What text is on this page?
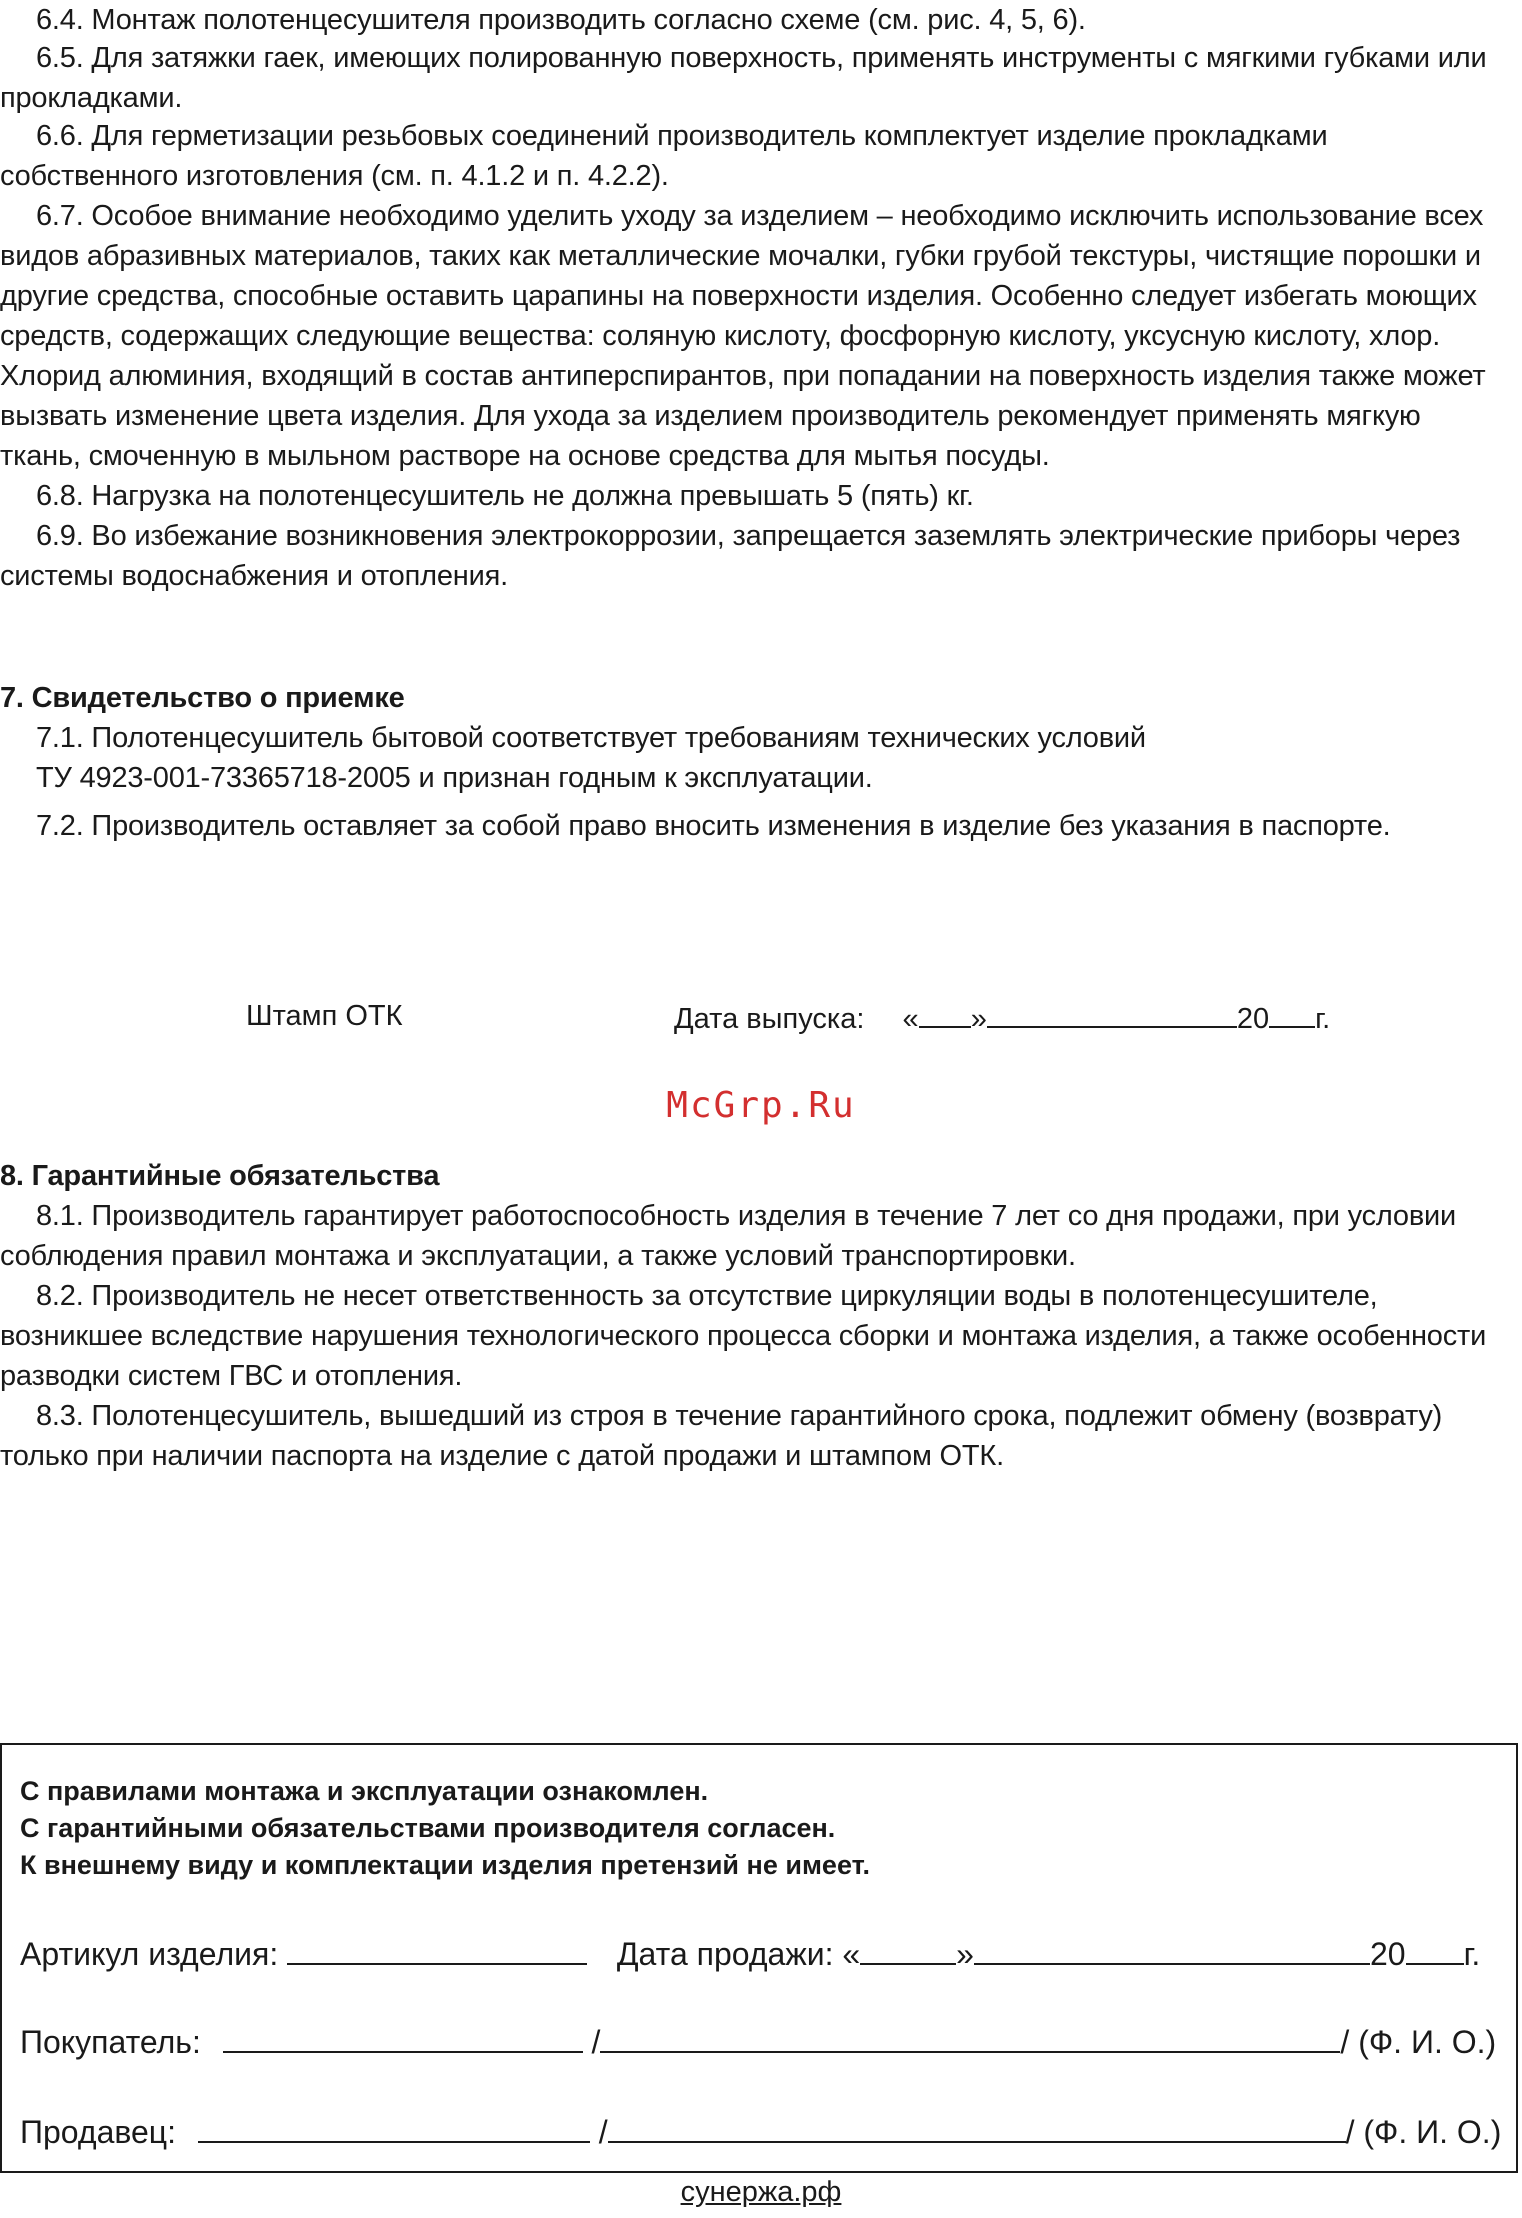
6.4. Монтаж полотенцесушителя производить согласно схеме (см. рис. 4, 5, 6).
6.5. Для затяжки гаек, имеющих полированную поверхность, применять инструменты с мягкими губками или
прокладками.
6.6. Для герметизации резьбовых соединений производитель комплектует изделие прокладками
собственного изготовления (см. п. 4.1.2 и п. 4.2.2).
6.7. Особое внимание необходимо уделить уходу за изделием – необходимо исключить использование всех
видов абразивных материалов, таких как металлические мочалки, губки грубой текстуры, чистящие порошки и
другие средства, способные оставить царапины на поверхности изделия. Особенно следует избегать моющих
средств, содержащих следующие вещества: соляную кислоту, фосфорную кислоту, уксусную кислоту, хлор.
Хлорид алюминия, входящий в состав антиперспирантов, при попадании на поверхность изделия также может
вызвать изменение цвета изделия. Для ухода за изделием производитель рекомендует применять мягкую
ткань, смоченную в мыльном растворе на основе средства для мытья посуды.
6.8. Нагрузка на полотенцесушитель не должна превышать 5 (пять) кг.
6.9. Во избежание возникновения электрокоррозии, запрещается заземлять электрические приборы через
системы водоснабжения и отопления.
7. Свидетельство о приемке
7.1. Полотенцесушитель бытовой соответствует требованиям технических условий
ТУ 4923-001-73365718-2005 и признан годным к эксплуатации.
7.2. Производитель оставляет за собой право вносить изменения в изделие без указания в паспорте.
Штамп ОТК	Дата выпуска: « »	20 г.
McGrp.Ru
8. Гарантийные обязательства
8.1. Производитель гарантирует работоспособность изделия в течение 7 лет со дня продажи, при условии
соблюдения правил монтажа и эксплуатации, а также условий транспортировки.
8.2. Производитель не несет ответственность за отсутствие циркуляции воды в полотенцесушителе,
возникшее вследствие нарушения технологического процесса сборки и монтажа изделия, а также особенности
разводки систем ГВС и отопления.
8.3. Полотенцесушитель, вышедший из строя в течение гарантийного срока, подлежит обмену (возврату)
только при наличии паспорта на изделие с датой продажи и штампом ОТК.
С правилами монтажа и эксплуатации ознакомлен.
С гарантийными обязательствами производителя согласен.
К внешнему виду и комплектации изделия претензий не имеет.
Артикул изделия:	Дата продажи: «	»	20 г.
Покупатель:	/	/ (Ф. И. О.)
Продавец:	/	/ (Ф. И. О.)
сунержа.рф
